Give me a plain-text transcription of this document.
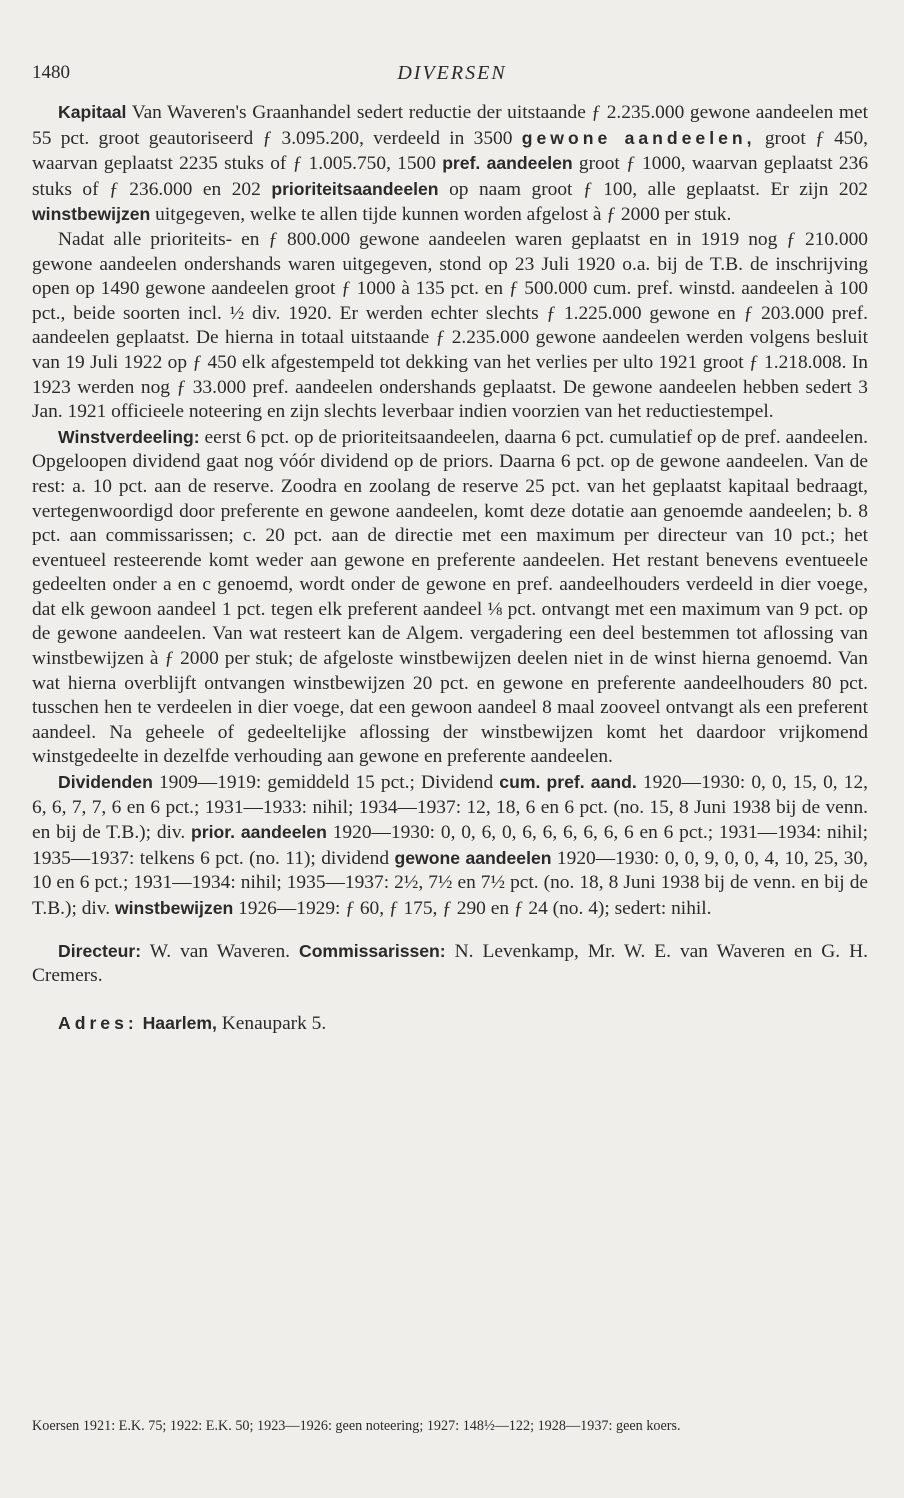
1480	DIVERSEN

Kapitaal Van Waveren's Graanhandel sedert reductie der uitstaande ƒ 2.235.000 gewone aandeelen met 55 pct. groot geautoriseerd ƒ 3.095.200, verdeeld in 3500 gewone aandeelen, groot ƒ 450, waarvan geplaatst 2235 stuks of ƒ 1.005.750, 1500 pref. aandeelen groot ƒ 1000, waarvan geplaatst 236 stuks of ƒ 236.000 en 202 prioriteitsaandeelen op naam groot ƒ 100, alle geplaatst. Er zijn 202 winstbewijzen uitgegeven, welke te allen tijde kunnen worden afgelost à ƒ 2000 per stuk.

Nadat alle prioriteits- en ƒ 800.000 gewone aandeelen waren geplaatst en in 1919 nog ƒ 210.000 gewone aandeelen ondershands waren uitgegeven, stond op 23 Juli 1920 o.a. bij de T.B. de inschrijving open op 1490 gewone aandeelen groot ƒ 1000 à 135 pct. en ƒ 500.000 cum. pref. winstd. aandeelen à 100 pct., beide soorten incl. ½ div. 1920. Er werden echter slechts ƒ 1.225.000 gewone en ƒ 203.000 pref. aandeelen geplaatst. De hierna in totaal uitstaande ƒ 2.235.000 gewone aandeelen werden volgens besluit van 19 Juli 1922 op ƒ 450 elk afgestempeld tot dekking van het verlies per ulto 1921 groot ƒ 1.218.008. In 1923 werden nog ƒ 33.000 pref. aandeelen ondershands geplaatst. De gewone aandeelen hebben sedert 3 Jan. 1921 officieele noteering en zijn slechts leverbaar indien voorzien van het reductiestempel.

Winstverdeeling: eerst 6 pct. op de prioriteitsaandeelen, daarna 6 pct. cumulatief op de pref. aandeelen. Opgeloopen dividend gaat nog vóór dividend op de priors. Daarna 6 pct. op de gewone aandeelen. Van de rest: a. 10 pct. aan de reserve. Zoodra en zoolang de reserve 25 pct. van het geplaatst kapitaal bedraagt, vertegenwoordigd door preferente en gewone aandeelen, komt deze dotatie aan genoemde aandeelen; b. 8 pct. aan commissarissen; c. 20 pct. aan de directie met een maximum per directeur van 10 pct.; het eventueel resteerende komt weder aan gewone en preferente aandeelen. Het restant benevens eventueele gedeelten onder a en c genoemd, wordt onder de gewone en pref. aandeelhouders verdeeld in dier voege, dat elk gewoon aandeel 1 pct. tegen elk preferent aandeel ⅛ pct. ontvangt met een maximum van 9 pct. op de gewone aandeelen. Van wat resteert kan de Algem. vergadering een deel bestemmen tot aflossing van winstbewijzen à ƒ 2000 per stuk; de afgeloste winstbewijzen deelen niet in de winst hierna genoemd. Van wat hierna overblijft ontvangen winstbewijzen 20 pct. en gewone en preferente aandeelhouders 80 pct. tusschen hen te verdeelen in dier voege, dat een gewoon aandeel 8 maal zooveel ontvangt als een preferent aandeel. Na geheele of gedeeltelijke aflossing der winstbewijzen komt het daardoor vrijkomend winstgedeelte in dezelfde verhouding aan gewone en preferente aandeelen.

Dividenden 1909—1919: gemiddeld 15 pct.; Dividend cum. pref. aand. 1920—1930: 0, 0, 15, 0, 12, 6, 6, 7, 7, 6 en 6 pct.; 1931—1933: nihil; 1934—1937: 12, 18, 6 en 6 pct. (no. 15, 8 Juni 1938 bij de venn. en bij de T.B.); div. prior. aandeelen 1920—1930: 0, 0, 6, 0, 6, 6, 6, 6, 6, 6 en 6 pct.; 1931—1934: nihil; 1935—1937: telkens 6 pct. (no. 11); dividend gewone aandeelen 1920—1930: 0, 0, 9, 0, 0, 4, 10, 25, 30, 10 en 6 pct.; 1931—1934: nihil; 1935—1937: 2½, 7½ en 7½ pct. (no. 18, 8 Juni 1938 bij de venn. en bij de T.B.); div. winstbewijzen 1926—1929: ƒ 60, ƒ 175, ƒ 290 en ƒ 24 (no. 4); sedert: nihil.

Directeur: W. van Waveren. Commissarissen: N. Levenkamp, Mr. W. E. van Waveren en G. H. Cremers.

Adres: Haarlem, Kenaupark 5.

Koersen 1921: E.K. 75; 1922: E.K. 50; 1923—1926: geen noteering; 1927: 148½—122; 1928—1937: geen koers.
